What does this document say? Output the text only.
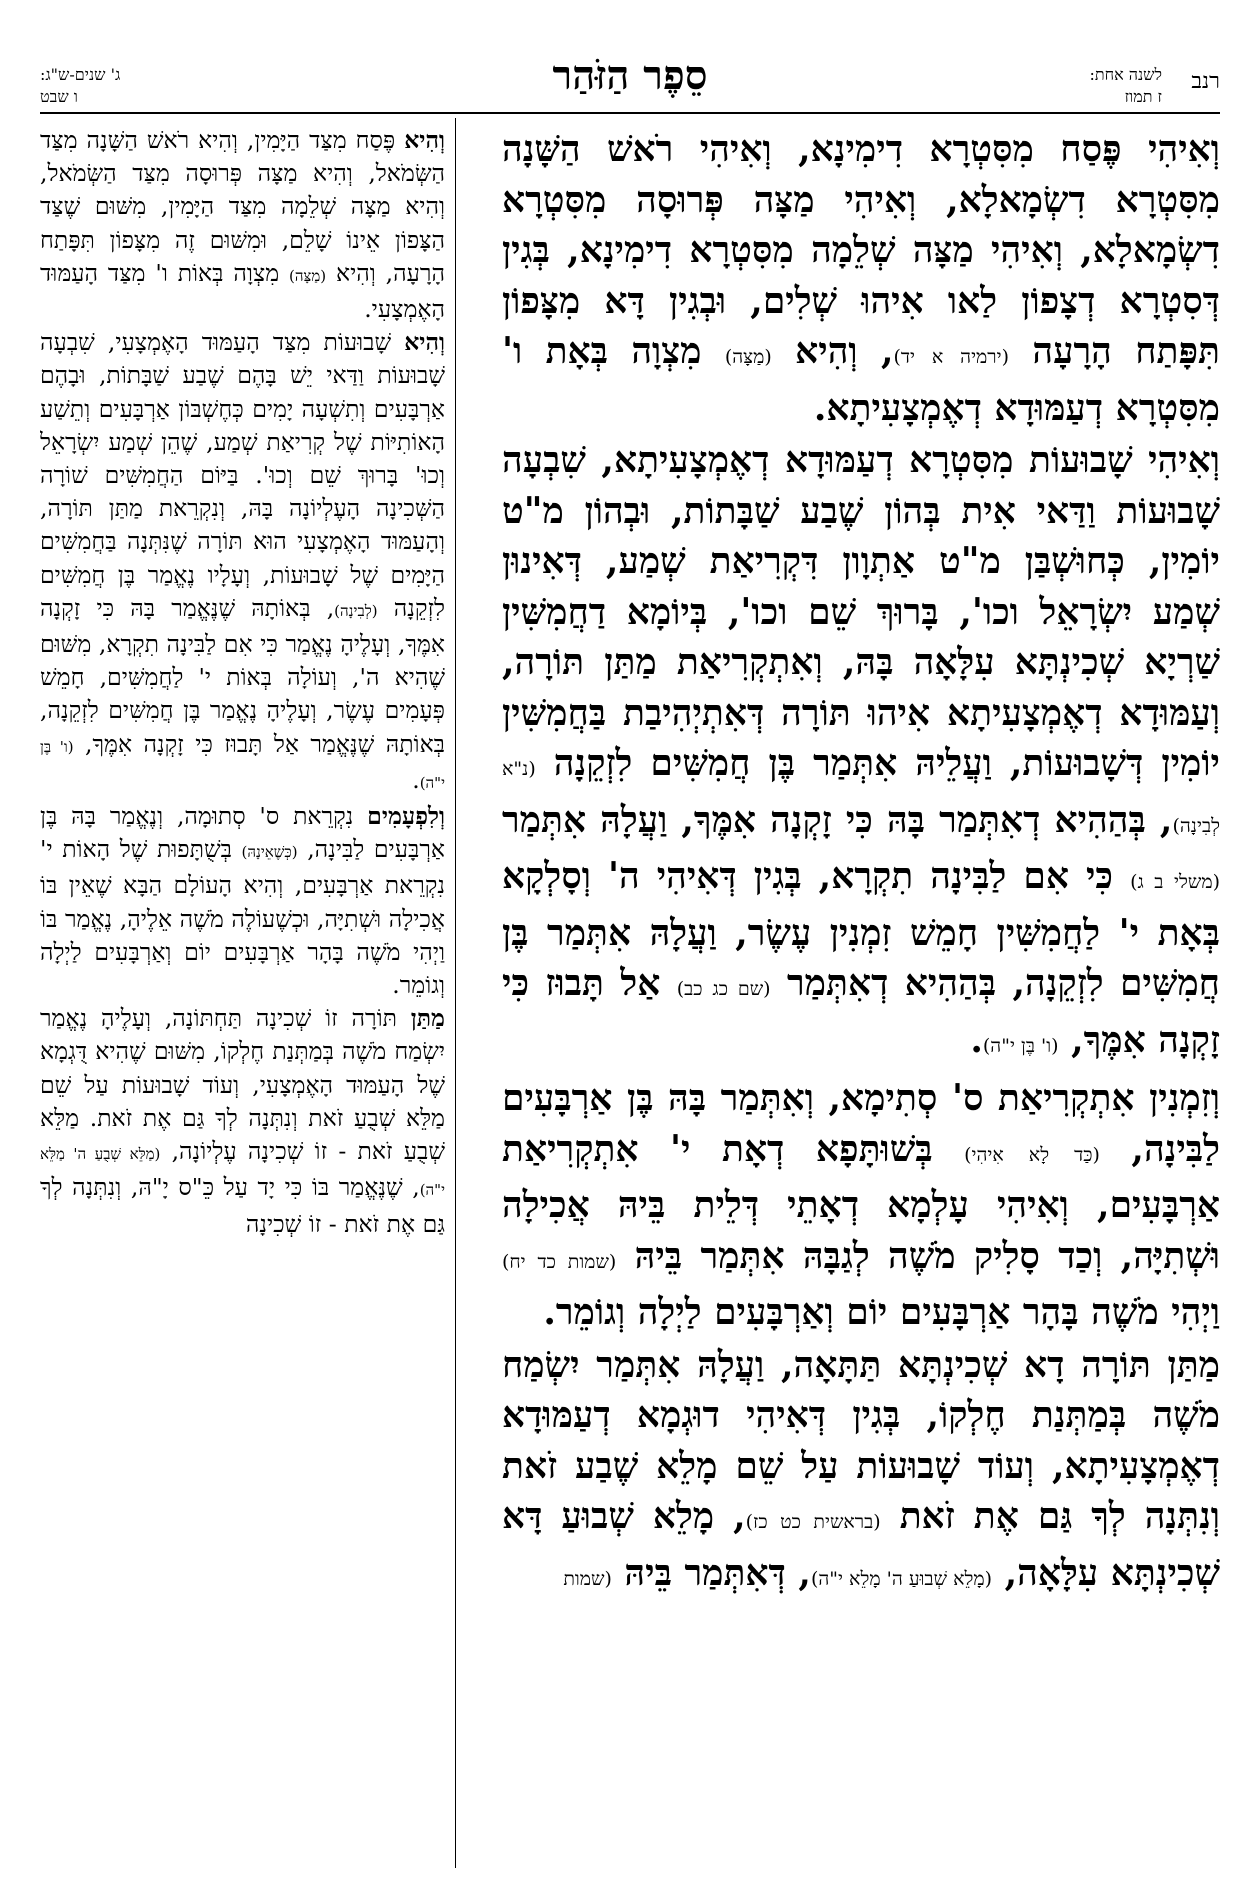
רנב
לשנה אחת:
ז תמוז
סֵפֶר הַזֹּהַר
ג' שנים-ש"ג:
ו שבט

וְאִיהִי פֶּסַח מִסִּטְרָא דִימִינָא, וְאִיהִי רֹאשׁ הַשָּׁנָה מִסִּטְרָא דִשְׂמָאלָא, וְאִיהִי מַצָּה פְּרוּסָה מִסִּטְרָא דִשְׂמָאלָא, וְאִיהִי מַצָּה שְׁלֵמָה מִסִּטְרָא דִימִינָא, בְּגִין דְּסִטְרָא דְצָפוֹן לַאו אִיהוּ שְׁלִים, וּבְגִין דָּא מִצָּפוֹן תִּפָּתַח הָרָעָה (ירמיה א יד), וְהִיא (מַצָּה) מִצְוָה בְּאָת ו' מִסִּטְרָא דְעַמּוּדָא דְאֶמְצָעִיתָא.

וְאִיהִי שָׁבוּעוֹת מִסִּטְרָא דְעַמּוּדָא דְאֶמְצָעִיתָא, שִׁבְעָה שָׁבוּעוֹת וַדַּאי אִית בְּהוֹן שֶׁבַע שַׁבָּתוֹת, וּבְהוֹן מ"ט יוֹמִין, כְּחוּשְׁבַּן מ"ט אַתְוָון דִּקְרִיאַת שְׁמַע, דְּאִינוּן שְׁמַע יִשְׂרָאֵל וכו', בָּרוּךְ שֵׁם וכו', בְּיוֹמָא דַחֲמִשִּׁין שַׁרְיָא שְׁכִינְתָּא עִלָּאָה בָּהּ, וְאִתְקְרִיאַת מַתַּן תּוֹרָה, וְעַמּוּדָא דְאֶמְצָעִיתָא אִיהוּ תּוֹרָה דְּאִתְיְהִיבַת בַּחֲמִשִּׁין יוֹמִין דְּשָׁבוּעוֹת, וַעֲלֵיהּ אִתְּמַר בֶּן חֲמִשִּׁים לִזְקֵנָה (נ"א לְבִינָה), בְּהַהִיא דְאִתְּמַר בָּהּ כִּי זָקְנָה אִמֶּךָ, וַעֲלָהּ אִתְּמַר (משלי ב ג) כִּי אִם לַבִּינָה תִקְרָא, בְּגִין דְּאִיהִי ה' וְסָלְקָא בְּאָת י' לַחֲמִשִּׁין חָמֵשׁ זִמְנִין עֶשֶׂר, וַעֲלָהּ אִתְּמַר בֶּן חֲמִשִּׁים לִזְקֵנָה, בְּהַהִיא דְאִתְּמַר (שם כג כב) אַל תָּבוּז כִּי זָקְנָה אִמֶּךָ, (ו' בֶּן י"ה).

וְזִמְנִין אִתְקְרִיאַת ס' סְתִימָא, וְאִתְּמַר בָּהּ בֶּן אַרְבָּעִים לַבִּינָה, (כַּד לָא אִיהִי) בְּשׁוּתָּפָא דְאָת י' אִתְקְרִיאַת אַרְבָּעִים, וְאִיהִי עָלְמָא דְאָתֵי דְּלֵית בֵּיהּ אֲכִילָה וּשְׁתִיָּה, וְכַד סָלִיק מֹשֶׁה לְגַבָּהּ אִתְּמַר בֵּיהּ (שמות כד יח) וַיְהִי מֹשֶׁה בָּהָר אַרְבָּעִים יוֹם וְאַרְבָּעִים לַיְלָה וְגוֹמֵר.

מַתַּן תּוֹרָה דָא שְׁכִינְתָּא תַּתָּאָה, וַעֲלָהּ אִתְּמַר יִשְׂמַח מֹשֶׁה בְּמַתְּנַת חֶלְקוֹ, בְּגִין דְּאִיהִי דוּגְמָא דְעַמּוּדָא דְאֶמְצָעִיתָא, וְעוֹד שָׁבוּעוֹת עַל שֵׁם מָלֵא שֶׁבַע זֹאת וְנִתְּנָה לְךָ גַּם אֶת זֹאת (בראשית כט כז), מָלֵא שְׁבוּעַ דָּא שְׁכִינְתָּא עִלָּאָה, (מָלֵא שְׁבוּעַ ה' מָלֵא י"ה), דְּאִתְּמַר בֵּיהּ (שמות

וְהִיא פֶּסַח מִצַּד הַיָּמִין, וְהִיא רֹאשׁ הַשָּׁנָה מִצַּד הַשְּׂמֹאל, וְהִיא מַצָּה פְּרוּסָה מִצַּד הַשְּׂמֹאל, וְהִיא מַצָּה שְׁלֵמָה מִצַּד הַיָּמִין, מִשּׁוּם שֶׁצַּד הַצָּפוֹן אֵינוֹ שָׁלֵם, וּמִשּׁוּם זֶה מִצָּפוֹן תִּפָּתַח הָרָעָה, וְהִיא (מַצָּה) מִצְוָה בְּאוֹת ו' מִצַּד הָעַמּוּד הָאֶמְצָעִי.

וְהִיא שָׁבוּעוֹת מִצַּד הָעַמּוּד הָאֶמְצָעִי, שִׁבְעָה שָׁבוּעוֹת וַדַּאי יֵשׁ בָּהֶם שֶׁבַע שַׁבָּתוֹת, וּבָהֶם אַרְבָּעִים וְתִשְׁעָה יָמִים כְּחֶשְׁבּוֹן אַרְבָּעִים וְתֵשַׁע הָאוֹתִיּוֹת שֶׁל קְרִיאַת שְׁמַע, שֶׁהֵן שְׁמַע יִשְׂרָאֵל וְכוּ' בָּרוּךְ שֵׁם וְכוּ'. בַּיּוֹם הַחֲמִשִּׁים שׁוֹרָה הַשְּׁכִינָה הָעֶלְיוֹנָה בָּהּ, וְנִקְרֵאת מַתַּן תּוֹרָה, וְהָעַמּוּד הָאֶמְצָעִי הוּא תּוֹרָה שֶׁנִּתְּנָה בַּחֲמִשִּׁים הַיָּמִים שֶׁל שָׁבוּעוֹת, וְעָלָיו נֶאֱמַר בֶּן חֲמִשִּׁים לִזְקֵנָה (לְבִינָה), בְּאוֹתָהּ שֶׁנֶּאֱמַר בָּהּ כִּי זָקְנָה אִמֶּךָ, וְעָלֶיהָ נֶאֱמַר כִּי אִם לַבִּינָה תִקְרָא, מִשּׁוּם שֶׁהִיא ה', וְעוֹלָה בְּאוֹת י' לַחֲמִשִּׁים, חָמֵשׁ פְּעָמִים עֶשֶׂר, וְעָלֶיהָ נֶאֱמַר בֶּן חֲמִשִּׁים לִזְקֵנָה, בְּאוֹתָהּ שֶׁנֶּאֱמַר אַל תָּבוּז כִּי זָקְנָה אִמֶּךָ, (ו' בֶּן י"ה).

וְלִפְעָמִים נִקְרֵאת ס' סְתוּמָה, וְנֶאֱמַר בָּהּ בֶּן אַרְבָּעִים לַבִּינָה, (כְּשֶׁאֵינָהּ) בְּשֻׁתָּפוּת שֶׁל הָאוֹת י' נִקְרֵאת אַרְבָּעִים, וְהִיא הָעוֹלָם הַבָּא שֶׁאֵין בּוֹ אֲכִילָה וּשְׁתִיָּה, וּכְשֶׁעוֹלֶה מֹשֶׁה אֵלֶיהָ, נֶאֱמַר בּוֹ וַיְהִי מֹשֶׁה בָּהָר אַרְבָּעִים יוֹם וְאַרְבָּעִים לַיְלָה וְגוֹמֵר.

מַתַּן תּוֹרָה זוֹ שְׁכִינָה תַּחְתּוֹנָה, וְעָלֶיהָ נֶאֱמַר יִשְׂמַח מֹשֶׁה בְּמַתְּנַת חֶלְקוֹ, מִשּׁוּם שֶׁהִיא דֻּגְמָא שֶׁל הָעַמּוּד הָאֶמְצָעִי, וְעוֹד שָׁבוּעוֹת עַל שֵׁם מַלֵּא שְׁבֻעַ זֹאת וְנִתְּנָה לְךָ גַּם אֶת זֹאת. מַלֵּא שְׁבֻעַ זֹאת - זוֹ שְׁכִינָה עֶלְיוֹנָה, (מַלֵּא שְׁבֻעַ ה' מַלֵּא י"ה), שֶׁנֶּאֱמַר בּוֹ כִּי יָד עַל כֵּ"ס יָ"הּ, וְנִתְּנָה לְךָ גַּם אֶת זֹאת - זוֹ שְׁכִינָה
